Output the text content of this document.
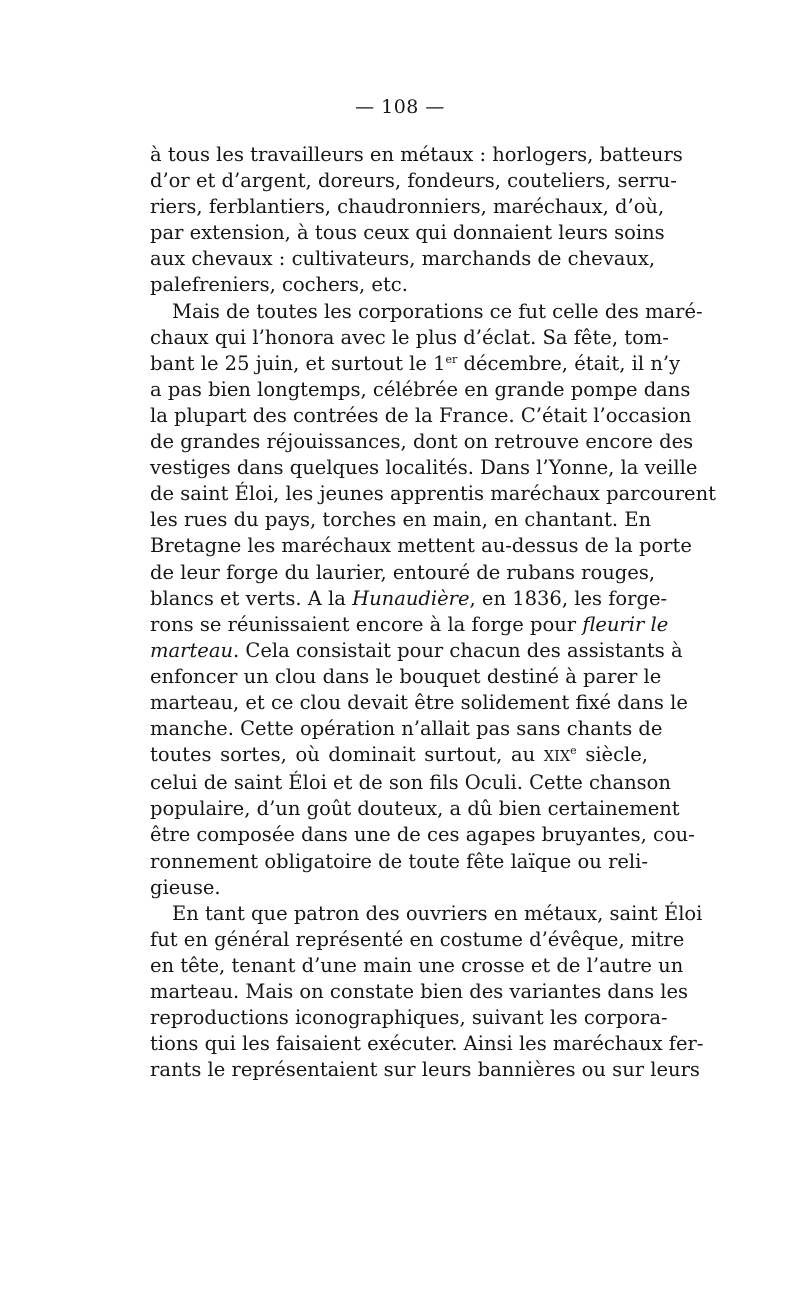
— 108 —
à tous les travailleurs en métaux : horlogers, batteurs
d’or et d’argent, doreurs, fondeurs, couteliers, serru-
riers, ferblantiers, chaudronniers, maréchaux, d’où,
par extension, à tous ceux qui donnaient leurs soins
aux chevaux : cultivateurs, marchands de chevaux,
palefreniers, cochers, etc.
Mais de toutes les corporations ce fut celle des maré-
chaux qui l’honora avec le plus d’éclat. Sa fête, tom-
bant le 25 juin, et surtout le 1er décembre, était, il n’y
a pas bien longtemps, célébrée en grande pompe dans
la plupart des contrées de la France. C’était l’occasion
de grandes réjouissances, dont on retrouve encore des
vestiges dans quelques localités. Dans l’Yonne, la veille
de saint Éloi, les jeunes apprentis maréchaux parcourent
les rues du pays, torches en main, en chantant. En
Bretagne les maréchaux mettent au-dessus de la porte
de leur forge du laurier, entouré de rubans rouges,
blancs et verts. A la Hunaudière, en 1836, les forge-
rons se réunissaient encore à la forge pour fleurir le
marteau. Cela consistait pour chacun des assistants à
enfoncer un clou dans le bouquet destiné à parer le
marteau, et ce clou devait être solidement fixé dans le
manche. Cette opération n’allait pas sans chants de
toutes sortes, où dominait surtout, au XIXe siècle,
celui de saint Éloi et de son fils Oculi. Cette chanson
populaire, d’un goût douteux, a dû bien certainement
être composée dans une de ces agapes bruyantes, cou-
ronnement obligatoire de toute fête laïque ou reli-
gieuse.
En tant que patron des ouvriers en métaux, saint Éloi
fut en général représenté en costume d’évêque, mitre
en tête, tenant d’une main une crosse et de l’autre un
marteau. Mais on constate bien des variantes dans les
reproductions iconographiques, suivant les corpora-
tions qui les faisaient exécuter. Ainsi les maréchaux fer-
rants le représentaient sur leurs bannières ou sur leurs
